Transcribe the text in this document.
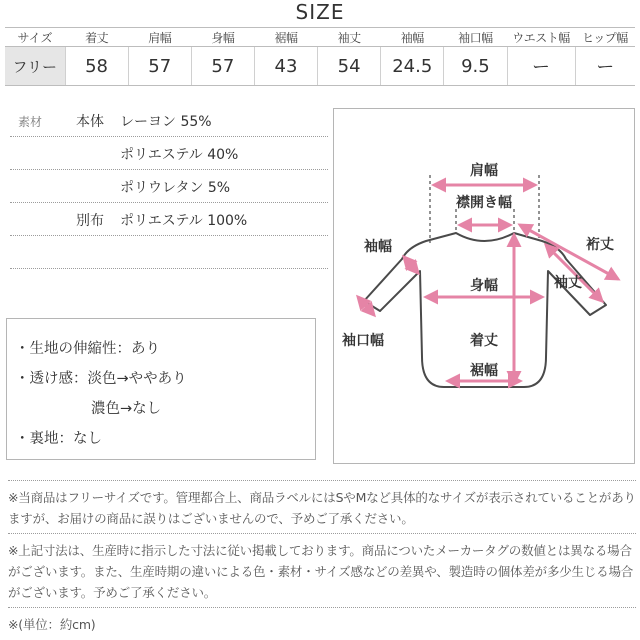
SIZE
サイズ	着丈	肩幅	身幅	裾幅	袖丈	袖幅	袖口幅	ウエスト幅	ヒップ幅
フリー	58	57	57	43	54	24.5	9.5	ー	ー
素材 本体 レーヨン 55%
ポリエステル 40%
ポリウレタン 5%
別布 ポリエステル 100%
・生地の伸縮性：あり
・透け感：淡色→ややあり
濃色→なし
・裏地：なし
肩幅
襟開き幅
裄丈
袖丈
袖幅
身幅
袖口幅	着丈
裾幅
※当商品はフリーサイズです。管理都合上、商品ラベルにはSやMなど具体的なサイズが表示されていることがありますが、お届けの商品に誤りはございませんので、予めご了承ください。
※上記寸法は、生産時に指示した寸法に従い掲載しております。商品についたメーカータグの数値とは異なる場合がございます。また、生産時期の違いによる色・素材・サイズ感などの差異や、製造時の個体差が多少生じる場合がございます。予めご了承ください。
※(単位：約cm)
